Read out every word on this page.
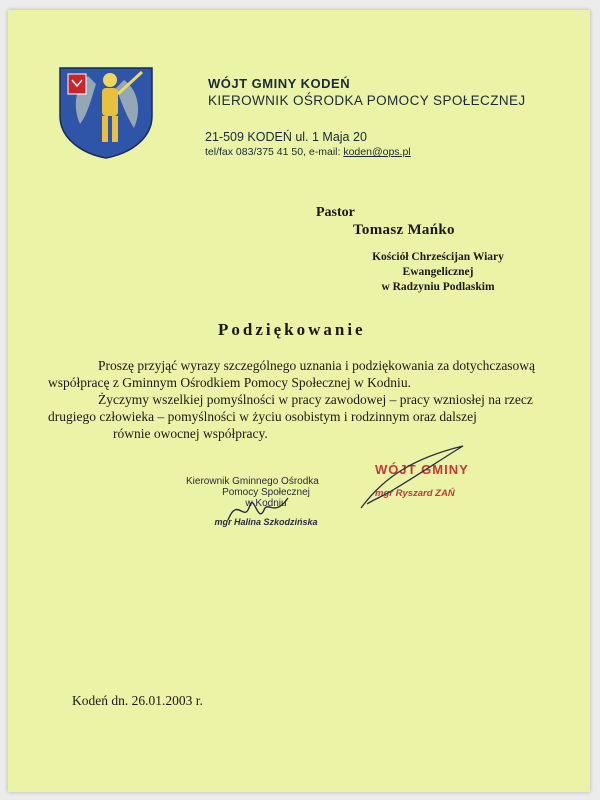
WÓJT GMINY KODEŃ
KIEROWNIK OŚRODKA POMOCY SPOŁECZNEJ
21-509 KODEŃ ul. 1 Maja 20
tel/fax 083/375 41 50, e-mail: koden@ops.pl
Pastor
Tomasz Mańko
Kościół Chrześcijan Wiary
Ewangelicznej
w Radzyniu Podlaskim
Podziękowanie

Proszę przyjąć wyrazy szczególnego uznania i podziękowania za dotychczasową współpracę z Gminnym Ośrodkiem Pomocy Społecznej w Kodniu.

Życzymy wszelkiej pomyślności w pracy zawodowej – pracy wzniosłej na rzecz drugiego człowieka – pomyślności w życiu osobistym i rodzinnym oraz dalszej

równie owocnej współpracy.

Kierownik Gminnego Ośrodka
Pomocy Społecznej
w Kodniu
mgr Halina Szkodzińska
WÓJT GMINY
mgr Ryszard ZAŃ
Kodeń dn. 26.01.2003 r.
